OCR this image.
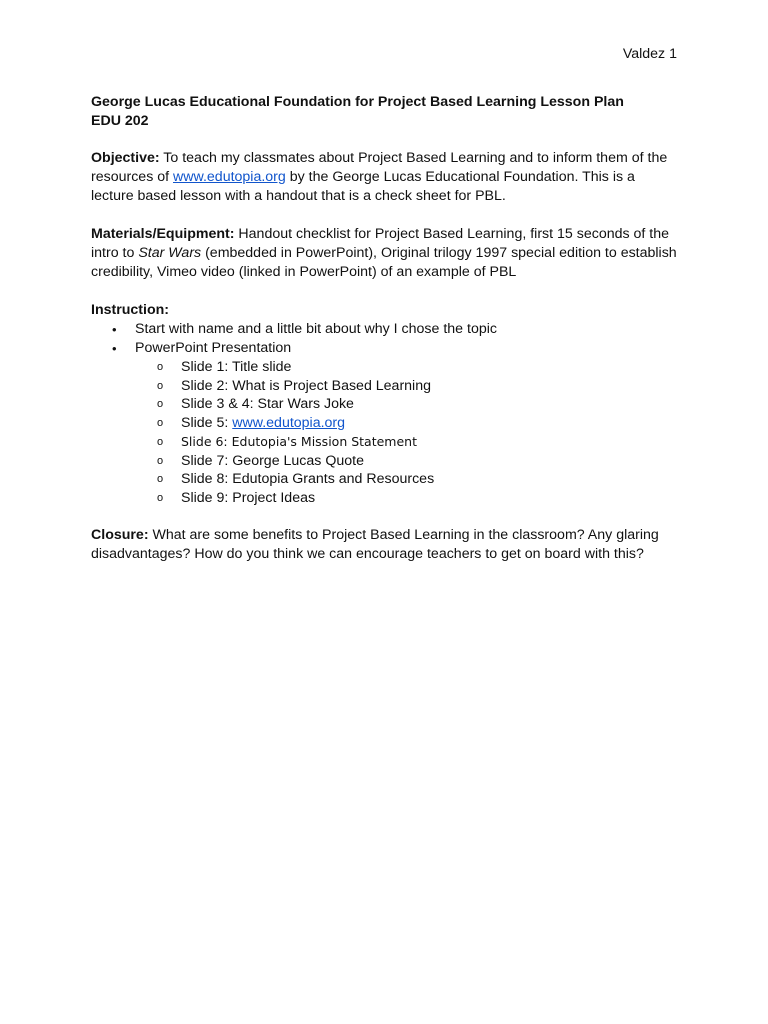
Valdez 1
George Lucas Educational Foundation for Project Based Learning Lesson Plan
EDU 202

Objective: To teach my classmates about Project Based Learning and to inform them of the resources of www.edutopia.org by the George Lucas Educational Foundation. This is a lecture based lesson with a handout that is a check sheet for PBL.

Materials/Equipment: Handout checklist for Project Based Learning, first 15 seconds of the intro to Star Wars (embedded in PowerPoint), Original trilogy 1997 special edition to establish credibility, Vimeo video (linked in PowerPoint) of an example of PBL

Instruction:
• Start with name and a little bit about why I chose the topic
• PowerPoint Presentation
o Slide 1: Title slide
o Slide 2: What is Project Based Learning
o Slide 3 & 4: Star Wars Joke
o Slide 5: www.edutopia.org
o Slide 6: Edutopia's Mission Statement
o Slide 7: George Lucas Quote
o Slide 8: Edutopia Grants and Resources
o Slide 9: Project Ideas

Closure: What are some benefits to Project Based Learning in the classroom? Any glaring disadvantages? How do you think we can encourage teachers to get on board with this?
